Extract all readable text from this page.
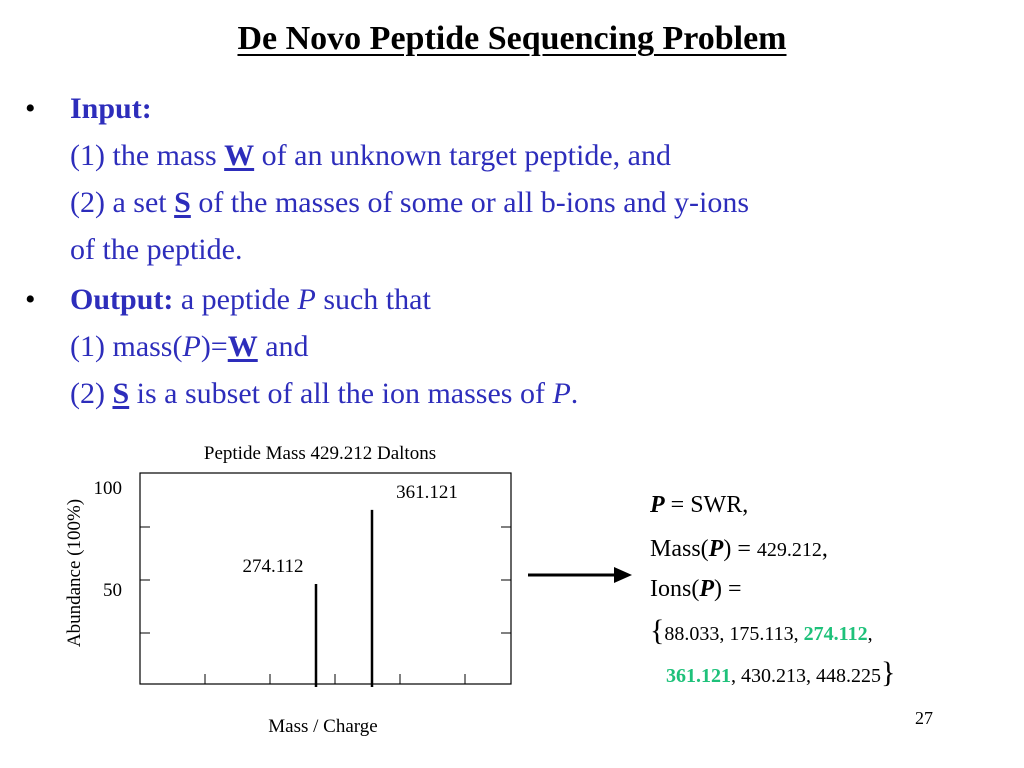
De Novo Peptide Sequencing Problem
• Input:
(1) the mass W of an unknown target peptide, and
(2) a set S of the masses of some or all b-ions and y-ions
of the peptide.
• Output: a peptide P such that
(1) mass(P)=W and
(2) S is a subset of all the ion masses of P.
Peptide Mass 429.212 Daltons
100
50
Abundance (100%)
Mass / Charge
274.112
361.121	P = SWR,
Mass(P) = 429.212,
Ions(P) =
{88.033, 175.113, 274.112,
361.121, 430.213, 448.225}
27
